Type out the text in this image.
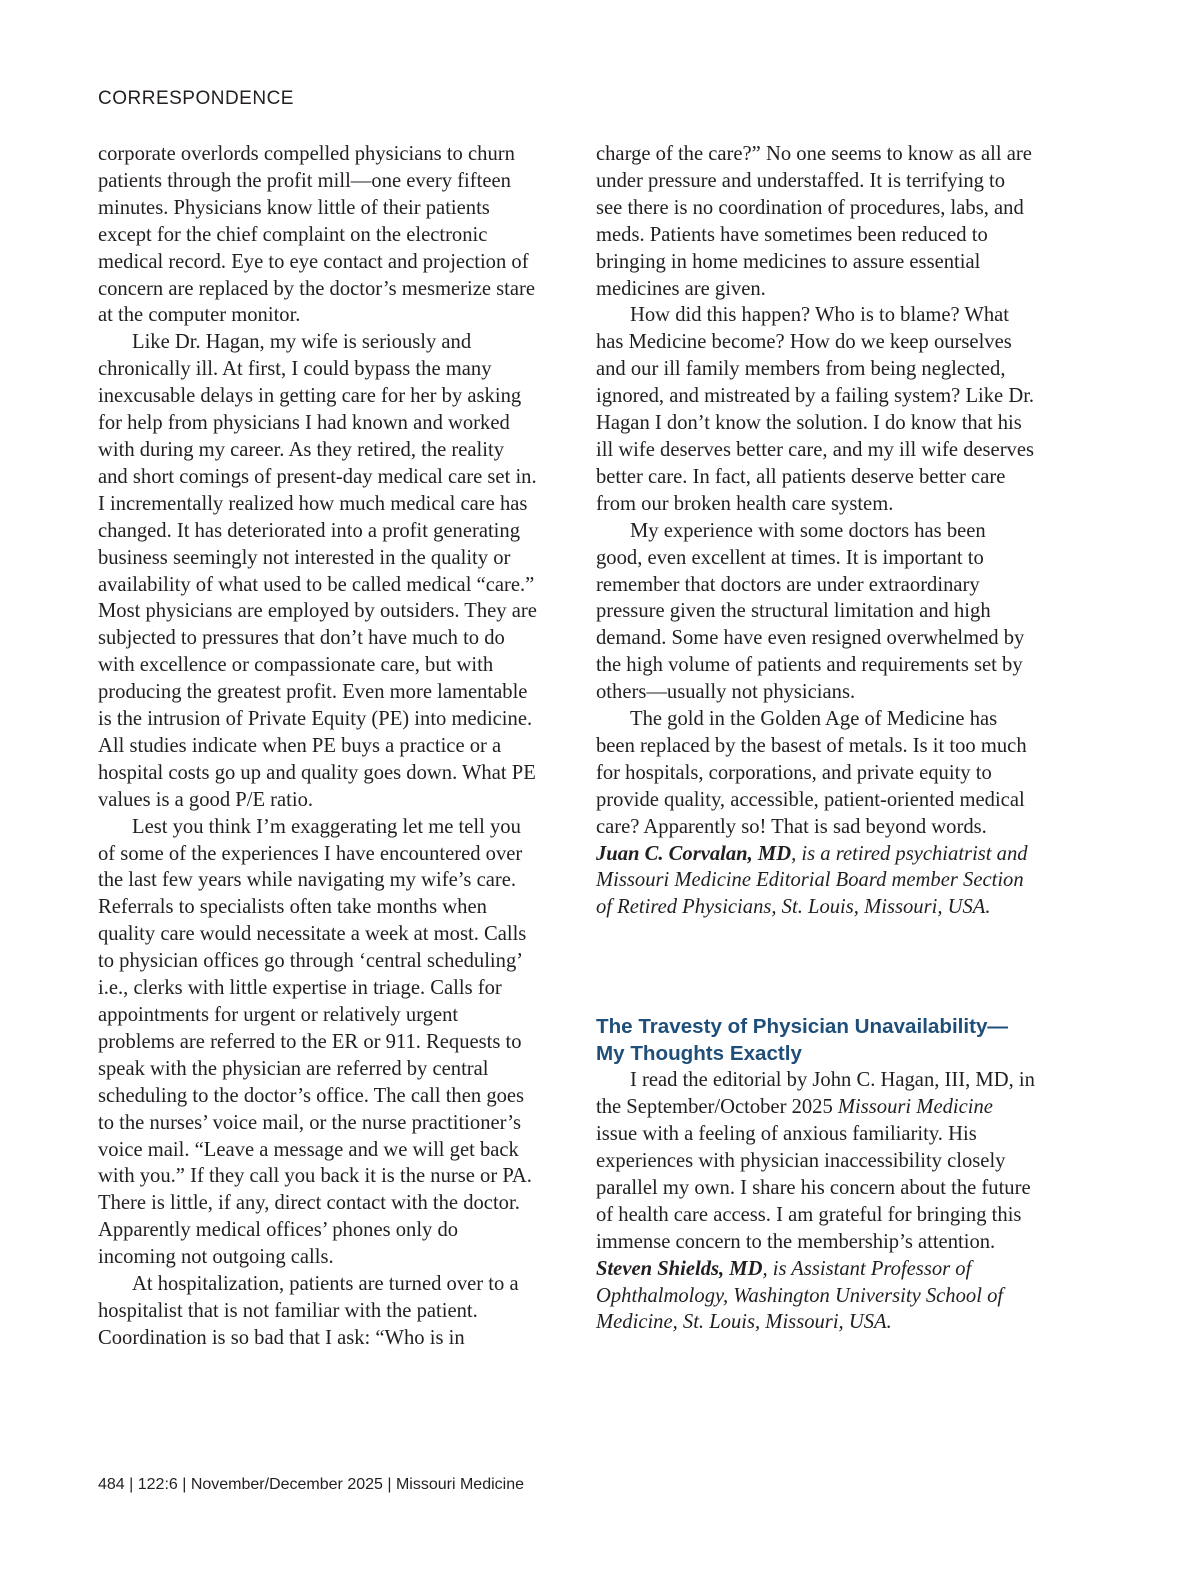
CORRESPONDENCE

corporate overlords compelled physicians to churn patients through the profit mill—one every fifteen minutes. Physicians know little of their patients except for the chief complaint on the electronic medical record. Eye to eye contact and projection of concern are replaced by the doctor’s mesmerize stare at the computer monitor.

Like Dr. Hagan, my wife is seriously and chronically ill. At first, I could bypass the many inexcusable delays in getting care for her by asking for help from physicians I had known and worked with during my career. As they retired, the reality and short comings of present-day medical care set in. I incrementally realized how much medical care has changed. It has deteriorated into a profit generating business seemingly not interested in the quality or availability of what used to be called medical “care.” Most physicians are employed by outsiders. They are subjected to pressures that don’t have much to do with excellence or compassionate care, but with producing the greatest profit. Even more lamentable is the intrusion of Private Equity (PE) into medicine. All studies indicate when PE buys a practice or a hospital costs go up and quality goes down. What PE values is a good P/E ratio.

Lest you think I’m exaggerating let me tell you of some of the experiences I have encountered over the last few years while navigating my wife’s care. Referrals to specialists often take months when quality care would necessitate a week at most. Calls to physician offices go through ‘central scheduling’ i.e., clerks with little expertise in triage. Calls for appointments for urgent or relatively urgent problems are referred to the ER or 911. Requests to speak with the physician are referred by central scheduling to the doctor’s office. The call then goes to the nurses’ voice mail, or the nurse practitioner’s voice mail. “Leave a message and we will get back with you.” If they call you back it is the nurse or PA. There is little, if any, direct contact with the doctor. Apparently medical offices’ phones only do incoming not outgoing calls.

At hospitalization, patients are turned over to a hospitalist that is not familiar with the patient. Coordination is so bad that I ask: “Who is in

charge of the care?” No one seems to know as all are under pressure and understaffed. It is terrifying to see there is no coordination of procedures, labs, and meds. Patients have sometimes been reduced to bringing in home medicines to assure essential medicines are given.

How did this happen? Who is to blame? What has Medicine become? How do we keep ourselves and our ill family members from being neglected, ignored, and mistreated by a failing system? Like Dr. Hagan I don’t know the solution. I do know that his ill wife deserves better care, and my ill wife deserves better care. In fact, all patients deserve better care from our broken health care system.

My experience with some doctors has been good, even excellent at times. It is important to remember that doctors are under extraordinary pressure given the structural limitation and high demand. Some have even resigned overwhelmed by the high volume of patients and requirements set by others—usually not physicians.

The gold in the Golden Age of Medicine has been replaced by the basest of metals. Is it too much for hospitals, corporations, and private equity to provide quality, accessible, patient-oriented medical care? Apparently so! That is sad beyond words.

Juan C. Corvalan, MD, is a retired psychiatrist and Missouri Medicine Editorial Board member Section of Retired Physicians, St. Louis, Missouri, USA.

The Travesty of Physician Unavailability— My Thoughts Exactly

I read the editorial by John C. Hagan, III, MD, in the September/October 2025 Missouri Medicine issue with a feeling of anxious familiarity. His experiences with physician inaccessibility closely parallel my own. I share his concern about the future of health care access. I am grateful for bringing this immense concern to the membership’s attention.

Steven Shields, MD, is Assistant Professor of Ophthalmology, Washington University School of Medicine, St. Louis, Missouri, USA.

484 | 122:6 | November/December 2025 | Missouri Medicine
